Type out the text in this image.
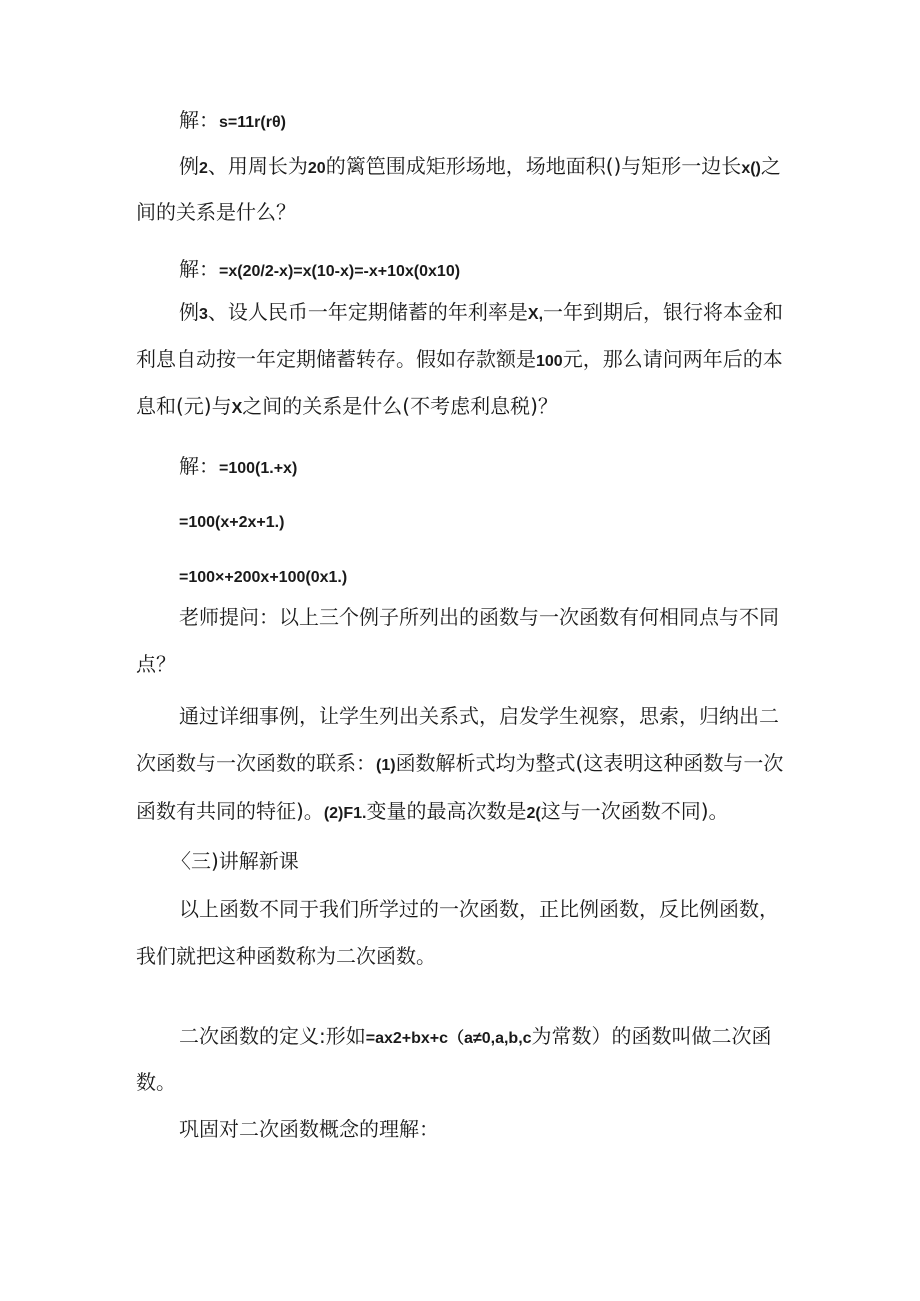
解：s=11r(rθ)
例2、用周长为20的篱笆围成矩形场地，场地面积()与矩形一边长x()之
间的关系是什么？
解：=x(20/2-x)=x(10-x)=-x+10x(0x10)
例3、设人民币一年定期储蓄的年利率是X,一年到期后，银行将本金和
利息自动按一年定期储蓄转存。假如存款额是100元，那么请问两年后的本
息和(元)与X之间的关系是什么(不考虑利息税)？
解：=100(1.+x)
=100(x+2x+1.)
=100×+200x+100(0x1.)
老师提问：以上三个例子所列出的函数与一次函数有何相同点与不同
点？
通过详细事例，让学生列出关系式，启发学生视察，思索，归纳出二
次函数与一次函数的联系：(1)函数解析式均为整式(这表明这种函数与一次
函数有共同的特征)。(2)F1.变量的最高次数是2(这与一次函数不同)。
〈三)讲解新课
以上函数不同于我们所学过的一次函数，正比例函数，反比例函数，
我们就把这种函数称为二次函数。
二次函数的定义:形如=ax2+bx+c（a≠0,a,b,c为常数）的函数叫做二次函
数。
巩固对二次函数概念的理解：
